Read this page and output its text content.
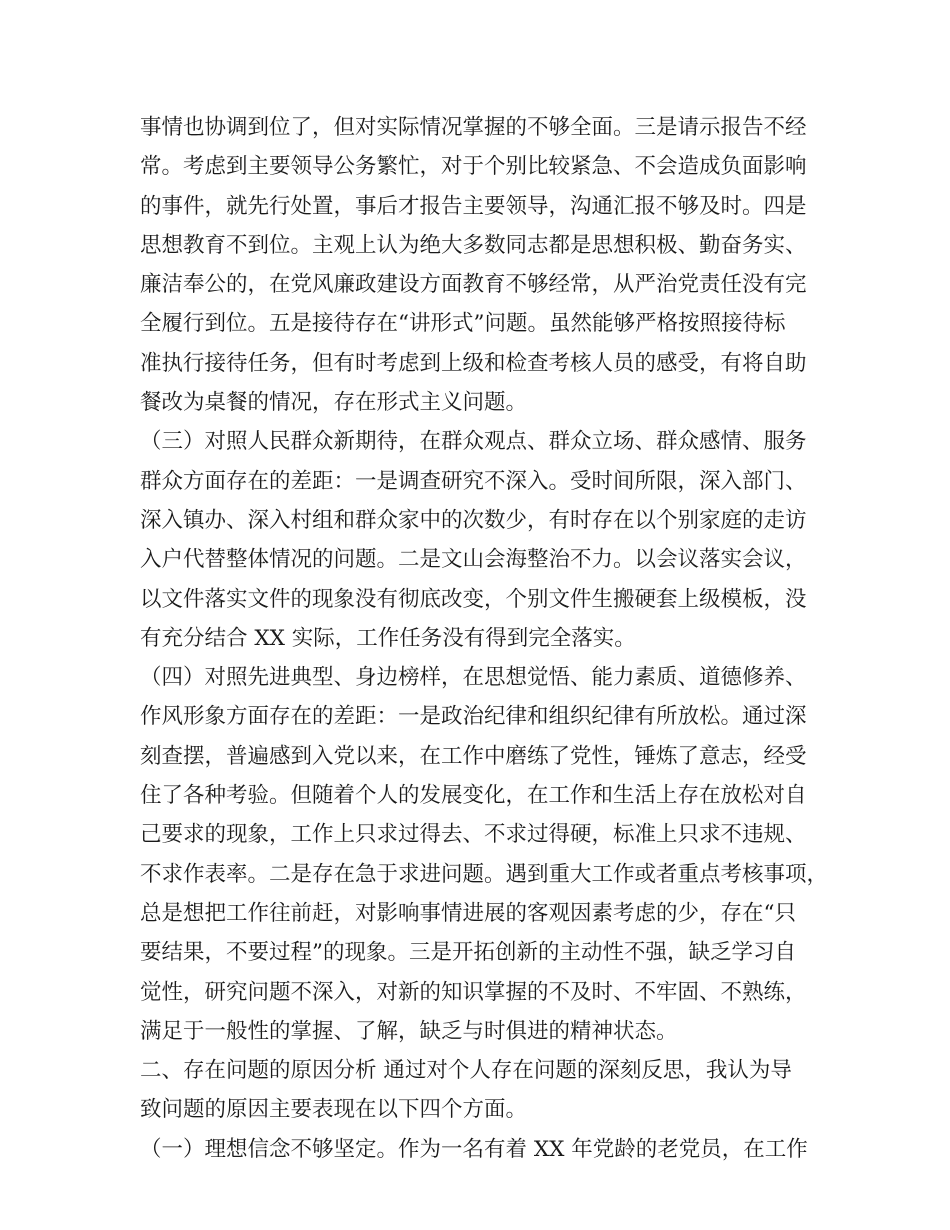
事情也协调到位了，但对实际情况掌握的不够全面。三是请示报告不经
常。考虑到主要领导公务繁忙，对于个别比较紧急、不会造成负面影响
的事件，就先行处置，事后才报告主要领导，沟通汇报不够及时。四是
思想教育不到位。主观上认为绝大多数同志都是思想积极、勤奋务实、
廉洁奉公的，在党风廉政建设方面教育不够经常，从严治党责任没有完
全履行到位。五是接待存在“讲形式”问题。虽然能够严格按照接待标
准执行接待任务，但有时考虑到上级和检查考核人员的感受，有将自助
餐改为桌餐的情况，存在形式主义问题。
（三）对照人民群众新期待，在群众观点、群众立场、群众感情、服务
群众方面存在的差距：一是调查研究不深入。受时间所限，深入部门、
深入镇办、深入村组和群众家中的次数少，有时存在以个别家庭的走访
入户代替整体情况的问题。二是文山会海整治不力。以会议落实会议，
以文件落实文件的现象没有彻底改变，个别文件生搬硬套上级模板，没
有充分结合 XX 实际，工作任务没有得到完全落实。
（四）对照先进典型、身边榜样，在思想觉悟、能力素质、道德修养、
作风形象方面存在的差距：一是政治纪律和组织纪律有所放松。通过深
刻查摆，普遍感到入党以来，在工作中磨练了党性，锤炼了意志，经受
住了各种考验。但随着个人的发展变化，在工作和生活上存在放松对自
己要求的现象，工作上只求过得去、不求过得硬，标准上只求不违规、
不求作表率。二是存在急于求进问题。遇到重大工作或者重点考核事项，
总是想把工作往前赶，对影响事情进展的客观因素考虑的少，存在“只
要结果，不要过程”的现象。三是开拓创新的主动性不强，缺乏学习自
觉性，研究问题不深入，对新的知识掌握的不及时、不牢固、不熟练，
满足于一般性的掌握、了解，缺乏与时俱进的精神状态。
二、存在问题的原因分析 通过对个人存在问题的深刻反思，我认为导
致问题的原因主要表现在以下四个方面。
（一）理想信念不够坚定。作为一名有着 XX 年党龄的老党员，在工作
